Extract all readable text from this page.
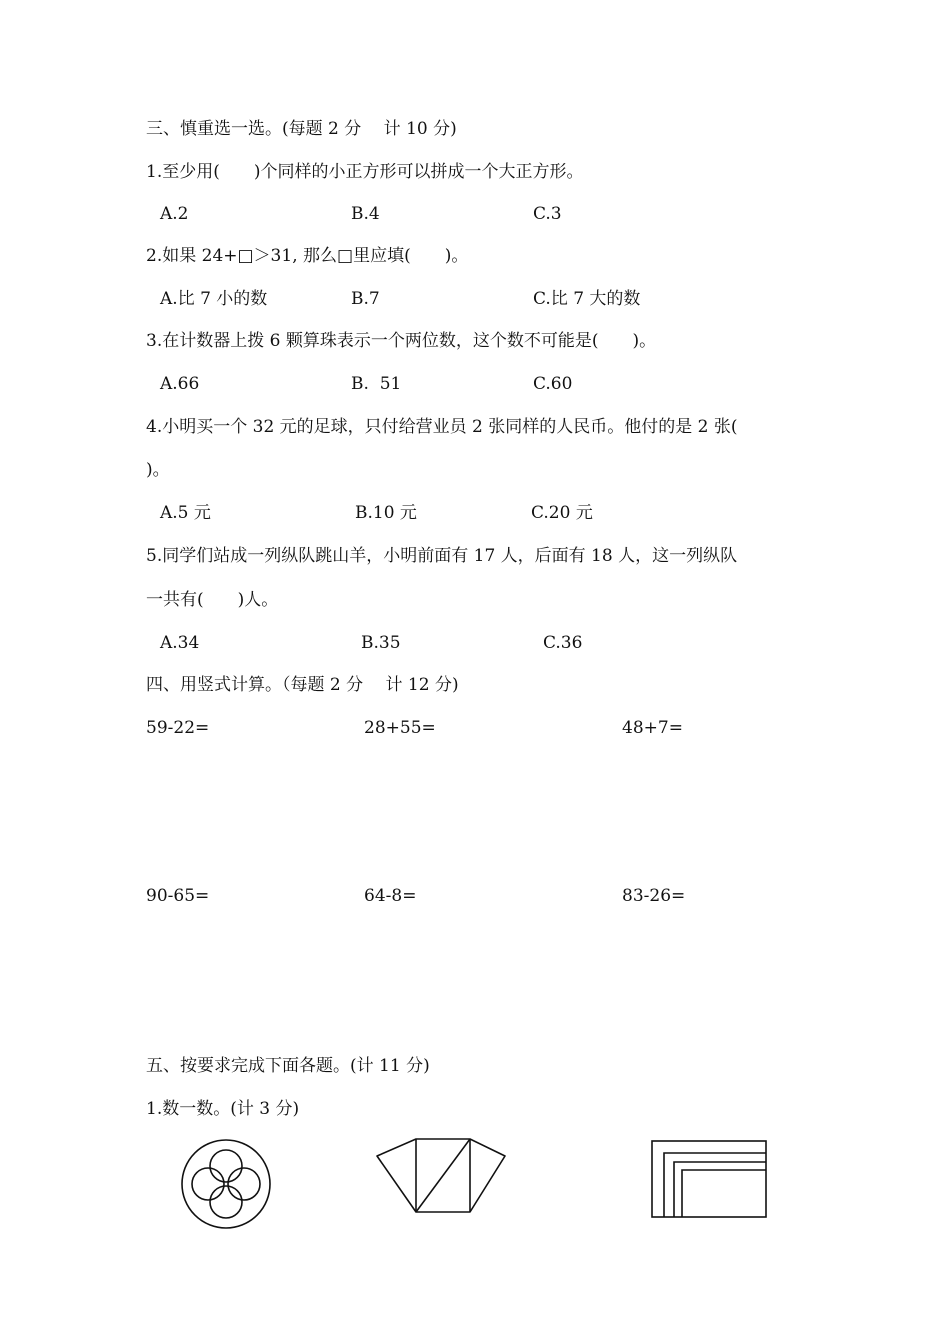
三、慎重选一选。(每题 2 分　 计 10 分)
1.至少用(　　)个同样的小正方形可以拼成一个大正方形。
A.2	B.4	C.3
2.如果 24+□＞31, 那么□里应填(　　)。
A.比 7 小的数	B.7	C.比 7 大的数
3.在计数器上拨 6 颗算珠表示一个两位数，这个数不可能是(　　)。
A.66	B.  51	C.60
4.小明买一个 32 元的足球，只付给营业员 2 张同样的人民币。他付的是 2 张(
)。
A.5 元	B.10 元	C.20 元
5.同学们站成一列纵队跳山羊，小明前面有 17 人，后面有 18 人，这一列纵队
一共有(　　)人。
A.34	B.35	C.36
四、用竖式计算。（每题 2 分　 计 12 分)
59-22=	28+55=	48+7=
90-65=	64-8=	83-26=
五、按要求完成下面各题。(计 11 分)
1.数一数。(计 3 分)
